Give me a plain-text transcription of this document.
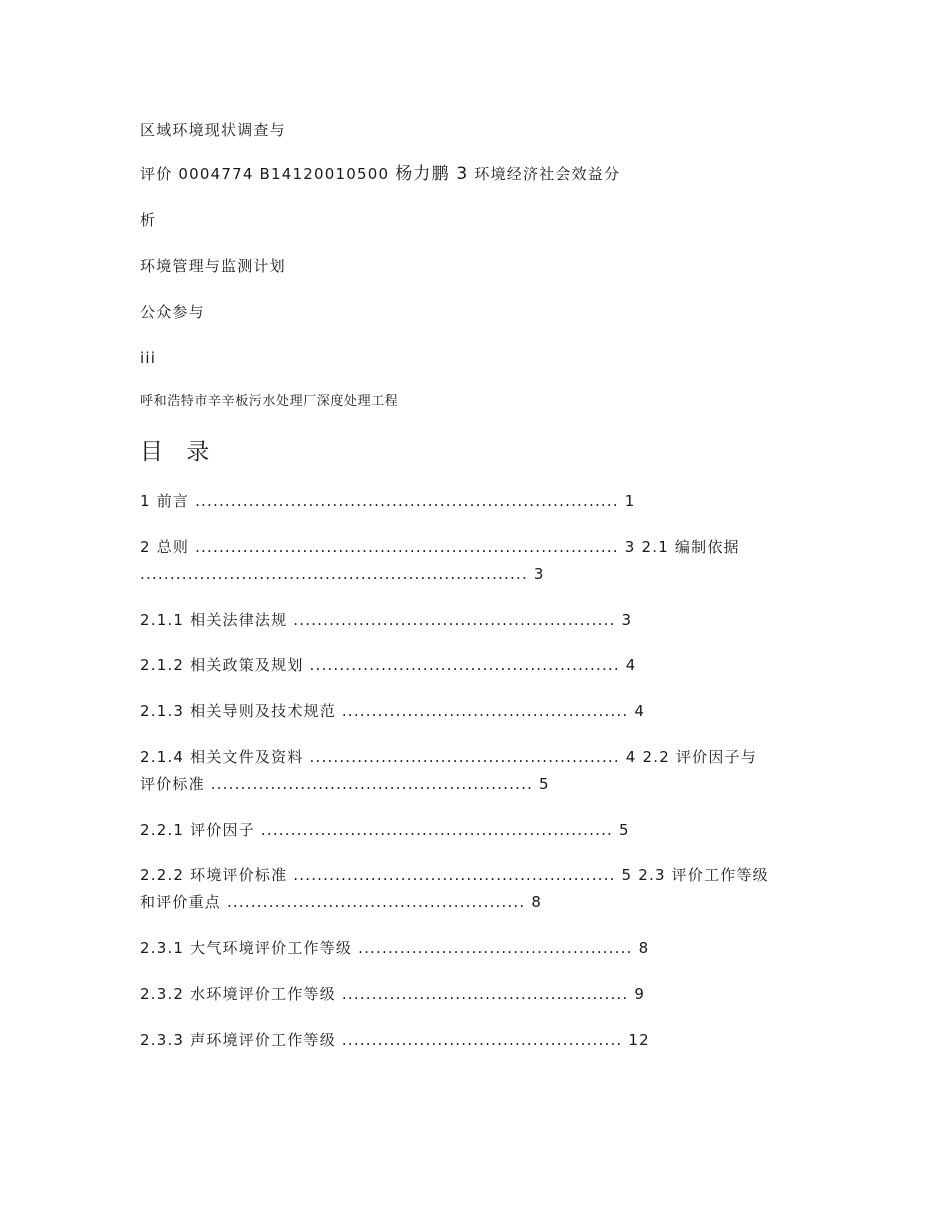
区域环境现状调查与
评价 0004774 B14120010500 杨力鹏 3 环境经济社会效益分
析
环境管理与监测计划
公众参与
iii
呼和浩特市辛辛板污水处理厂深度处理工程
目 录
1 前言 ....................................................................... 1
2 总则 ....................................................................... 3 2.1 编制依据
................................................................. 3
2.1.1 相关法律法规 ...................................................... 3
2.1.2 相关政策及规划 .................................................... 4
2.1.3 相关导则及技术规范 ................................................ 4
2.1.4 相关文件及资料 .................................................... 4 2.2 评价因子与
评价标准 ...................................................... 5
2.2.1 评价因子 ........................................................... 5
2.2.2 环境评价标准 ...................................................... 5 2.3 评价工作等级
和评价重点 .................................................. 8
2.3.1 大气环境评价工作等级 .............................................. 8
2.3.2 水环境评价工作等级 ................................................ 9
2.3.3 声环境评价工作等级 ............................................... 12
